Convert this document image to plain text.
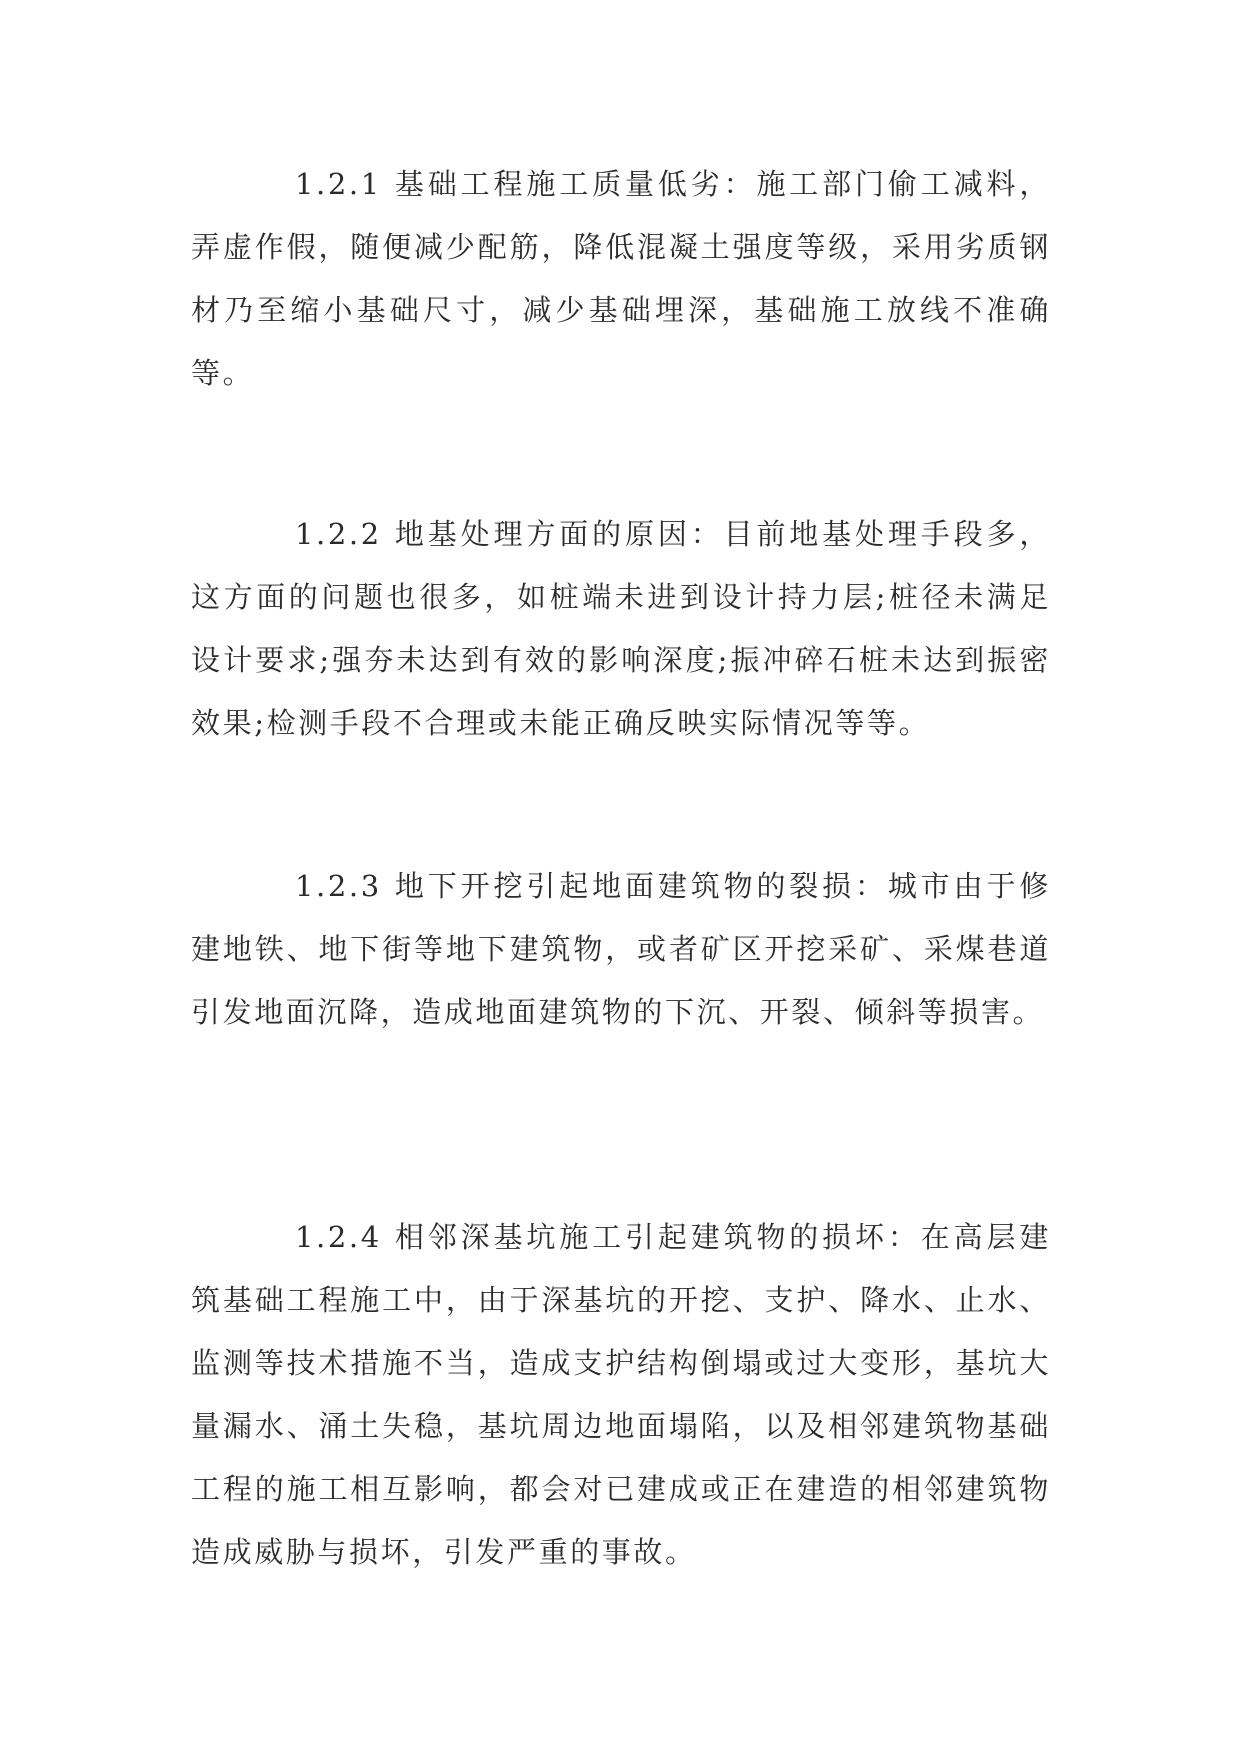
1.2.1 基础工程施工质量低劣：施工部门偷工减料，弄虚作假，随便减少配筋，降低混凝土强度等级，采用劣质钢材乃至缩小基础尺寸，减少基础埋深，基础施工放线不准确等。

1.2.2 地基处理方面的原因：目前地基处理手段多，这方面的问题也很多，如桩端未进到设计持力层;桩径未满足设计要求;强夯未达到有效的影响深度;振冲碎石桩未达到振密效果;检测手段不合理或未能正确反映实际情况等等。

1.2.3 地下开挖引起地面建筑物的裂损：城市由于修建地铁、地下街等地下建筑物，或者矿区开挖采矿、采煤巷道引发地面沉降，造成地面建筑物的下沉、开裂、倾斜等损害。

1.2.4 相邻深基坑施工引起建筑物的损坏：在高层建筑基础工程施工中，由于深基坑的开挖、支护、降水、止水、监测等技术措施不当，造成支护结构倒塌或过大变形，基坑大量漏水、涌土失稳，基坑周边地面塌陷，以及相邻建筑物基础工程的施工相互影响，都会对已建成或正在建造的相邻建筑物造成威胁与损坏，引发严重的事故。
